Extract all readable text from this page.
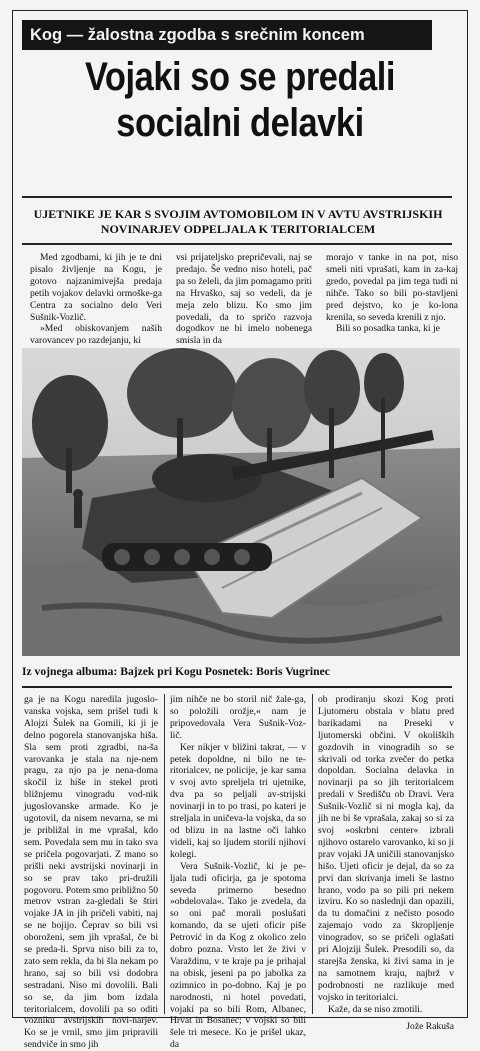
Kog — žalostna zgodba s srečnim koncem
Vojaki so se predali
socialni delavki
UJETNIKE JE KAR S SVOJIM AVTOMOBILOM IN V AVTU AVSTRIJSKIH
NOVINARJEV ODPELJALA K TERITORIALCEM

Med zgodbami, ki jih je te dni pisalo življenje na Kogu, je gotovo najzanimivejša predaja petih vojakov delavki ormoške-ga Centra za socialno delo Veri Sušnik-Vozlič.

»Med obiskovanjem naših varovancev po razdejanju, ki

vsi prijateljsko prepričevali, naj se predajo. Še vedno niso hoteli, pač pa so želeli, da jim pomagamo priti na Hrvaško, saj so vedeli, da je meja zelo blizu. Ko smo jim povedali, da to spričo razvoja dogodkov ne bi imelo nobenega smisla in da

morajo v tanke in na pot, niso smeli niti vprašati, kam in za-kaj gredo, povedal pa jim tega tudi ni nihče. Tako so bili po-stavljeni pred dejstvo, ko je ko-lona krenila, so seveda krenili z njo.

Bili so posadka tanka, ki je

Iz vojnega albuma: Bajzek pri Kogu Posnetek: Boris Vugrinec

ga je na Kogu naredila jugoslo-vanska vojska, sem prišel tudi k Alojzi Šulek na Gomili, ki ji je delno pogorela stanovanjska hiša. Sla sem proti zgradbi, na-ša varovanka je stala na nje-nem pragu, za njo pa je nena-doma skočil iz hiše in stekel proti bližnjemu vinogradu vod-nik jugoslovanske armade. Ko je ugotovil, da nisem nevarna, se mi je približal in me vprašal, kdo sem. Povedala sem mu in tako sva se pričela pogovarjati. Z mano so prišli neki avstrijski novinarji in so se prav tako pri-družili pogovoru. Potem smo približno 50 metrov vstran za-gledali še štiri vojake JA in jih pričeli vabiti, naj se ne bojijo. Čeprav so bili vsi oboroženi, sem jih vprašal, če bi se preda-li. Sprva niso bili za to, zato sem rekla, da bi šla nekam po hrano, saj so bili vsi dodobra sestradani. Niso mi dovolili. Bali so se, da jim bom izdala teritorialcem, dovolili pa so oditi vozniku avstrijskih novi-narjev. Ko se je vrnil, smo jim pripravili sendviče in smo jih

jim nihče ne bo storil nič žale-ga, so položili orožje,« nam je pripovedovala Vera Sušnik-Voz-lič.

Ker nikjer v bližini takrat, — v petek dopoldne, ni bilo ne te-ritorialcev, ne policije, je kar sama v svoj avto spreljela tri ujetnike, dva pa so peljali av-strijski novinarji in to po trasi, po kateri je streljala in uničeva-la vojska, da so od blizu in na lastne oči lahko videli, kaj so ljudem storili njihovi kolegi.

Vera Sušnik-Vozlič, ki je pe-ljala tudi oficirja, ga je spotoma seveda primerno besedno »obdelovala«. Tako je zvedela, da so oni pač morali poslušati komando, da se ujeti oficir piše Petrović in da Kog z okolico zelo dobro pozna. Vrsto let že živi v Varaždinu, v te kraje pa je prihajal na obisk, jeseni pa po jabolka za ozimnico in po-dobno. Kaj je po narodnosti, ni hotel povedati, vojaki pa so bili Rom, Albanec, Hrvat in Bosanec; v vojski so bili šele tri mesece. Ko je prišel ukaz, da

ob prodiranju skozi Kog proti Ljutomeru obstala v blatu pred barikadami na Preseki v ljutomerski občini. V okoliških gozdovih in vinogradih so se skrivali od torka zvečer do petka dopoldan. Socialna delavka in novinarji pa so jih teritorialcem predali v Središču ob Dravi. Vera Sušnik-Vozlič si ni mogla kaj, da jih ne bi še vprašala, zakaj so si za svoj »oskrbni center« izbrali njihovo ostarelo varovanko, ki so ji prav vojaki JA uničili stanovanjsko hišo. Ujeti oficir je dejal, da so za prvi dan skrivanja imeli še lastno hrano, vodo pa so pili pri nekem izviru. Ko so naslednji dan opazili, da tu domačini z nečisto posodo zajemajo vodo za škropljenje vinogradov, so se pričeli oglašati pri Alojziji Šulek. Presodili so, da starejša ženska, ki živi sama in je na samotnem kraju, najbrž v podrobnosti ne razlikuje med vojsko in teritorialci.

Kaže, da se niso zmotili.

Jože Rakuša
